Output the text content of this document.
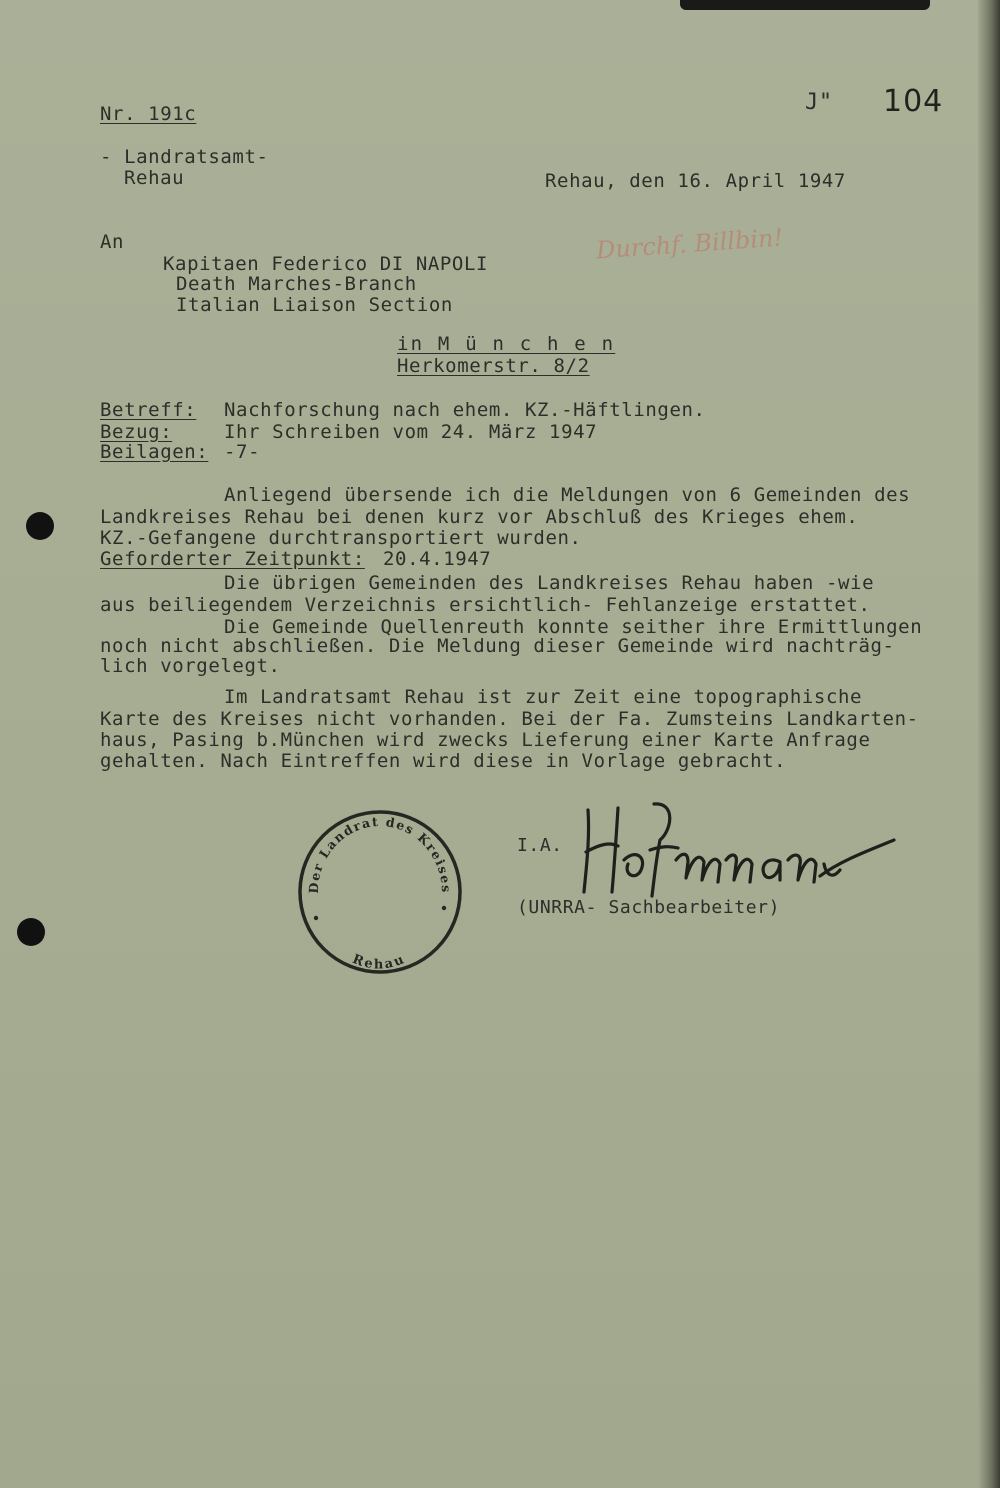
Nr. 191c	J" 104
- Landratsamt-
Rehau	Rehau, den 16. April 1947
Durchf. Billbin!
An
Kapitaen Federico DI NAPOLI
Death Marches-Branch
Italian Liaison Section
in M ü n c h e n
Herkomerstr. 8/2
Betreff: Nachforschung nach ehem. KZ.-Häftlingen.
Bezug:	Ihr Schreiben vom 24. März 1947
Beilagen: -7-
Anliegend übersende ich die Meldungen von 6 Gemeinden des
Landkreises Rehau bei denen kurz vor Abschluß des Krieges ehem.
KZ.-Gefangene durchtransportiert wurden.
Geforderter Zeitpunkt: 20.4.1947
Die übrigen Gemeinden des Landkreises Rehau haben -wie
aus beiliegendem Verzeichnis ersichtlich- Fehlanzeige erstattet.
Die Gemeinde Quellenreuth konnte seither ihre Ermittlungen
noch nicht abschließen. Die Meldung dieser Gemeinde wird nachträg-
lich vorgelegt.
Im Landratsamt Rehau ist zur Zeit eine topographische
Karte des Kreises nicht vorhanden. Bei der Fa. Zumsteins Landkarten-
haus, Pasing b.München wird zwecks Lieferung einer Karte Anfrage
gehalten. Nach Eintreffen wird diese in Vorlage gebracht.
Der Landrat des Kreises
Rehau
I.A.
(UNRRA- Sachbearbeiter)
